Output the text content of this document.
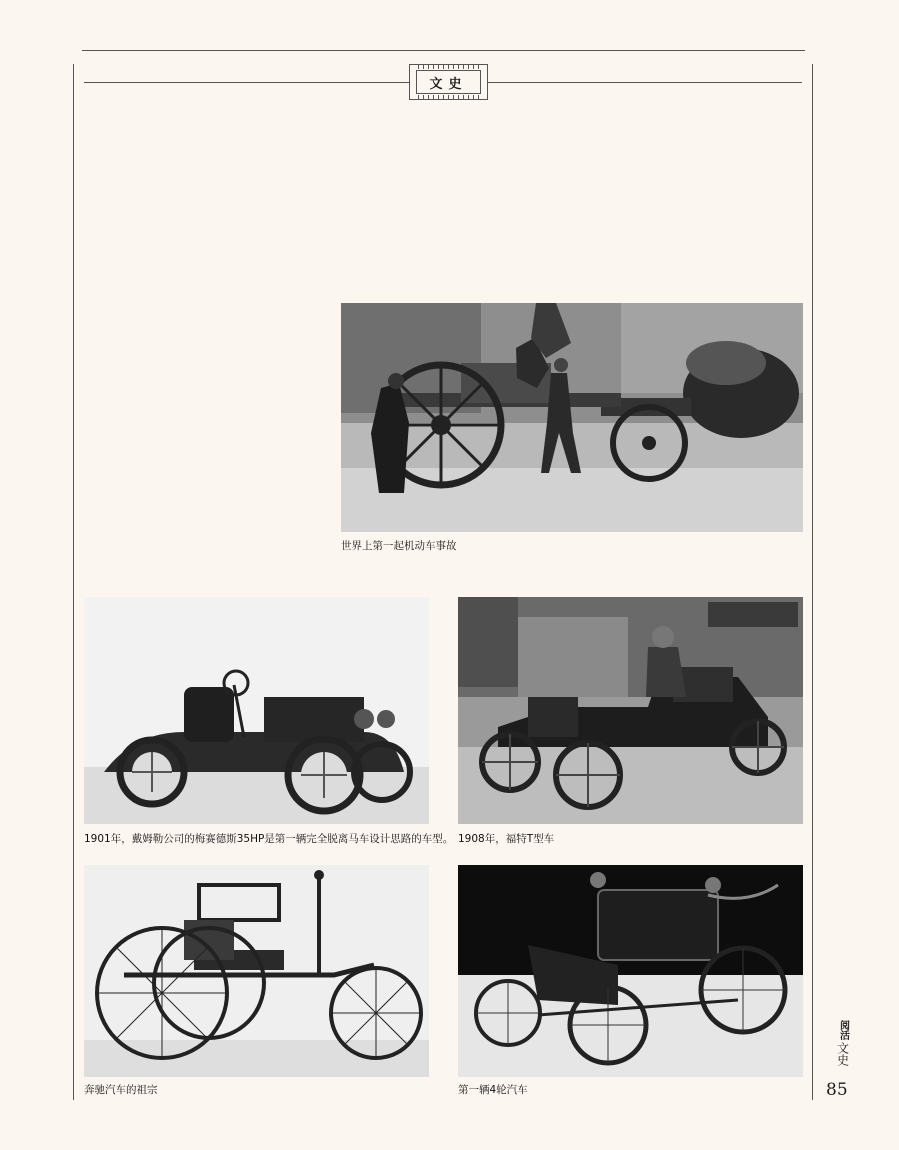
文史
世界上第一起机动车事故
1901年，戴姆勒公司的梅赛德斯35HP是第一辆完全脱离马车设计思路的车型。 1908年，福特T型车
奔驰汽车的祖宗	第一辆4轮汽车
阅活
文史
85
